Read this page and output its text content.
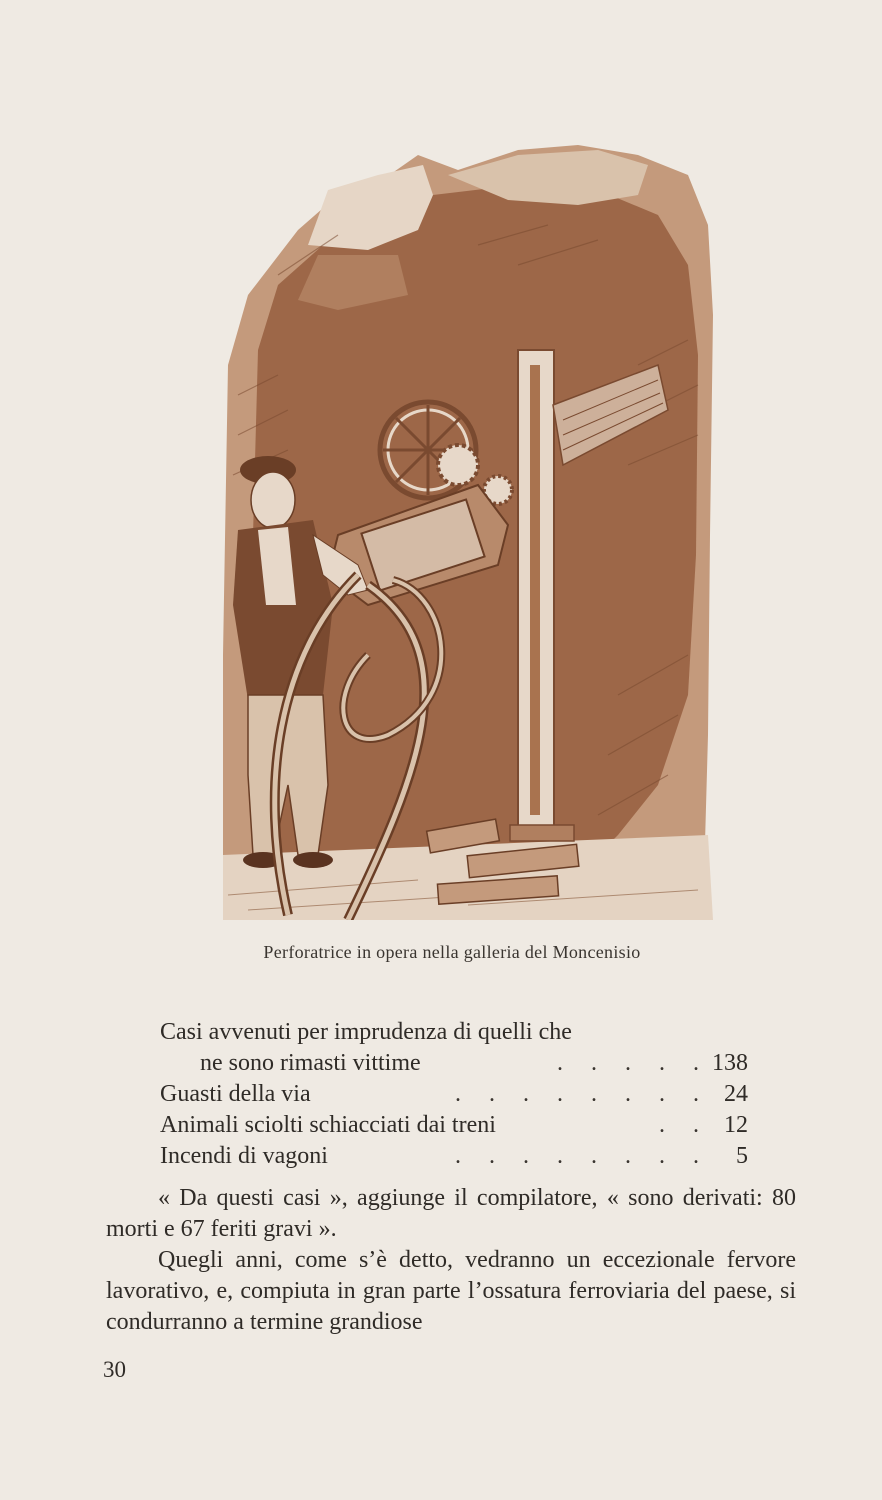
Perforatrice in opera nella galleria del Moncenisio
Casi avvenuti per imprudenza di quelli che
ne sono rimasti vittime	. . . . . 138
Guasti della via	. . . . . . . . 24
Animali sciolti schiacciati dai treni	. . 12
Incendi di vagoni	. . . . . . . . 5

« Da questi casi », aggiunge il compilatore, « sono derivati: 80 morti e 67 feriti gravi ».

Quegli anni, come s’è detto, vedranno un eccezionale fervore lavorativo, e, compiuta in gran parte l’ossatura ferroviaria del paese, si condurranno a termine grandiose

30
